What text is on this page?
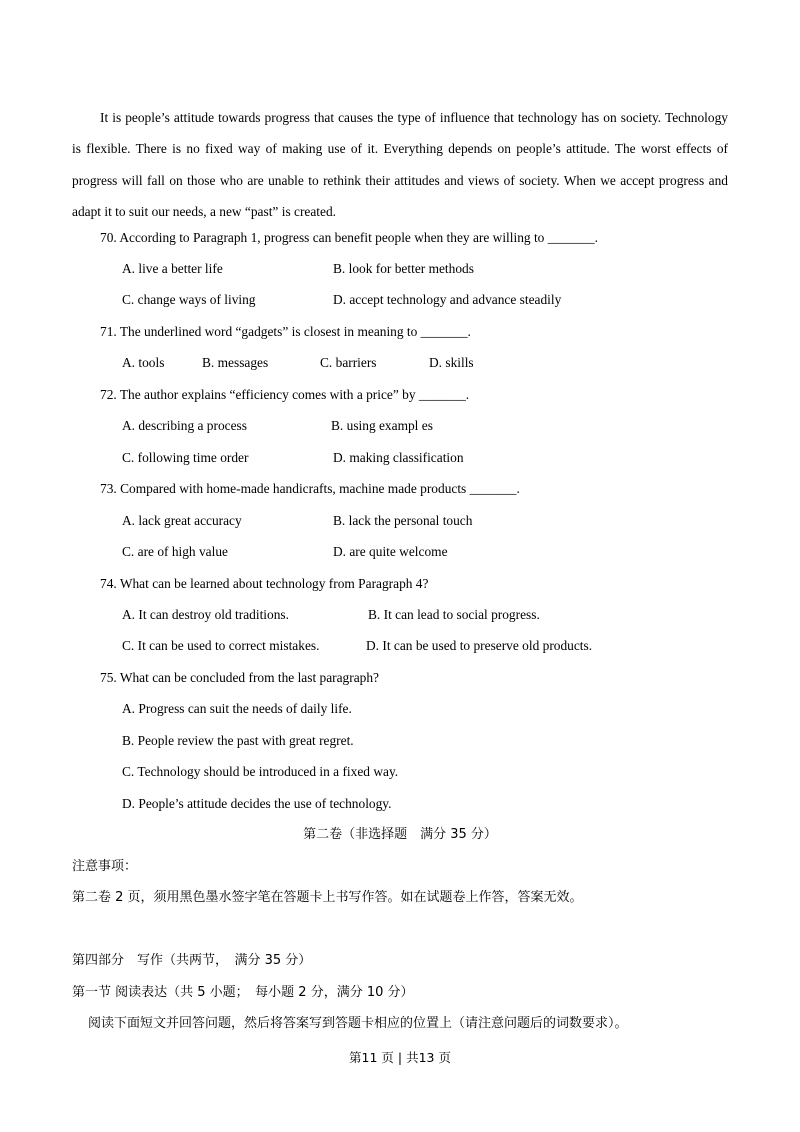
It is people’s attitude towards progress that causes the type of influence that technology has on society. Technology is flexible. There is no fixed way of making use of it. Everything depends on people’s attitude. The worst effects of progress will fall on those who are unable to rethink their attitudes and views of society. When we accept progress and adapt it to suit our needs, a new “past” is created.
70. According to Paragraph 1, progress can benefit people when they are willing to _______.
A. live a better life	B. look for better methods
C. change ways of living	D. accept technology and advance steadily
71. The underlined word “gadgets” is closest in meaning to _______.
A. tools	B. messages	C. barriers	D. skills
72. The author explains “efficiency comes with a price” by _______.
A. describing a process	B. using exampl es
C. following time order	D. making classification
73. Compared with home-made handicrafts, machine made products _______.
A. lack great accuracy	B. lack the personal touch
C. are of high value	D. are quite welcome
74. What can be learned about technology from Paragraph 4?
A. It can destroy old traditions.	B. It can lead to social progress.
C. It can be used to correct mistakes.	D. It can be used to preserve old products.
75. What can be concluded from the last paragraph?
A. Progress can suit the needs of daily life.
B. People review the past with great regret.
C. Technology should be introduced in a fixed way.
D. People’s attitude decides the use of technology.
第二卷（非选择题　满分 35 分）
注意事项：
第二卷 2 页，须用黑色墨水签字笔在答题卡上书写作答。如在试题卷上作答，答案无效。
第四部分　写作（共两节，　满分 35 分）
第一节 阅读表达（共 5 小题；　每小题 2 分，满分 10 分）
阅读下面短文并回答问题，然后将答案写到答题卡相应的位置上（请注意问题后的词数要求）。
第11 页 | 共13 页
